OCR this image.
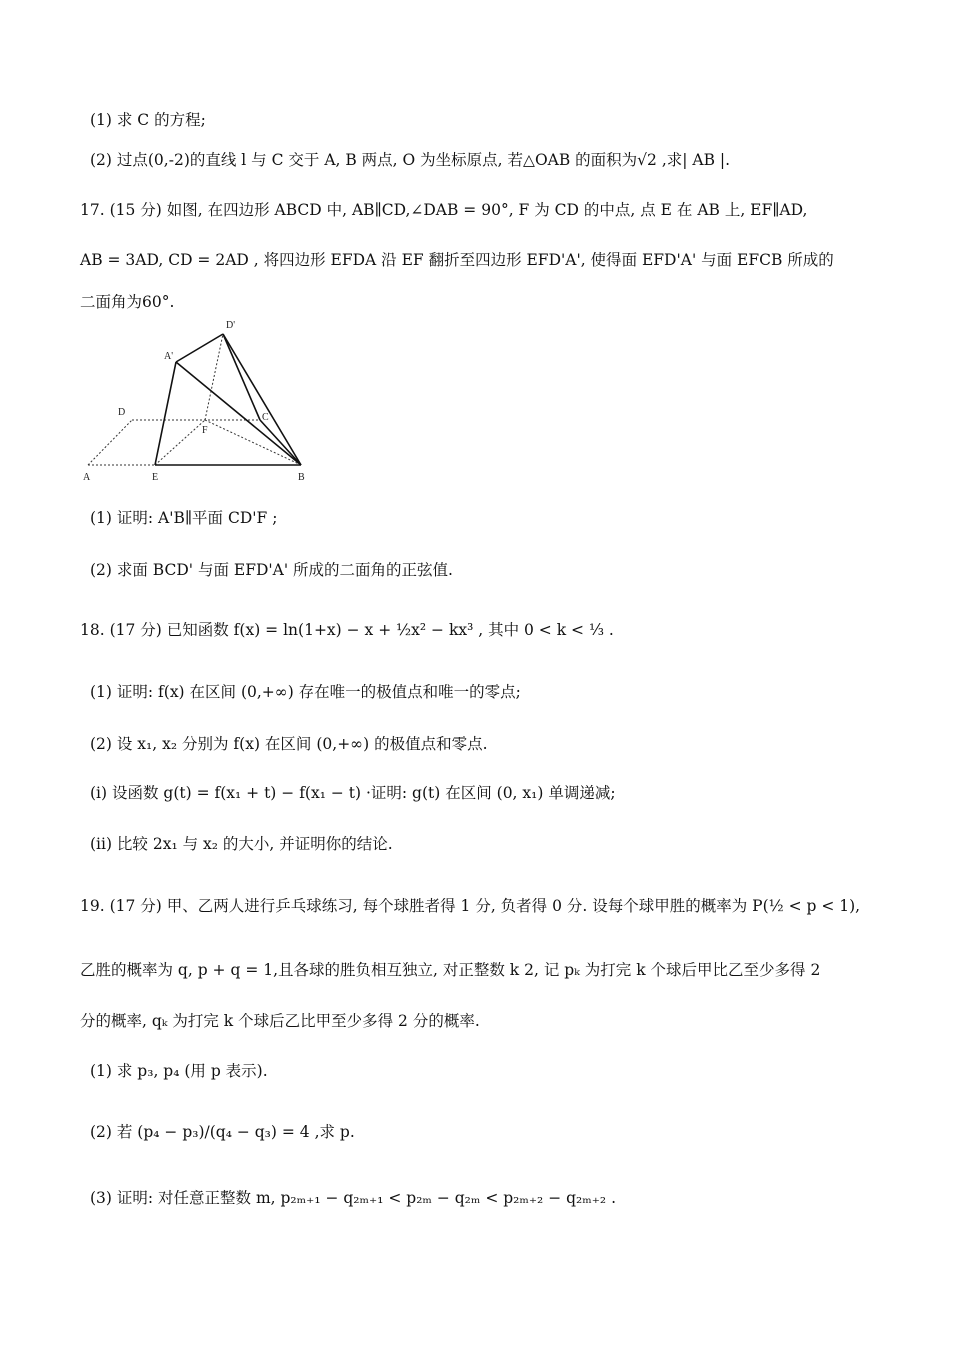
(1) 求 C 的方程;
(2) 过点(0,-2)的直线 l 与 C 交于 A, B 两点, O 为坐标原点, 若△OAB 的面积为√2 ,求| AB |.
17. (15 分) 如图, 在四边形 ABCD 中, AB∥CD,∠DAB = 90°, F 为 CD 的中点, 点 E 在 AB 上, EF∥AD,
AB = 3AD, CD = 2AD , 将四边形 EFDA 沿 EF 翻折至四边形 EFD'A', 使得面 EFD'A' 与面 EFCB 所成的
二面角为60°.
A	E	B
D
F
C
A'
D'
(1) 证明: A'B∥平面 CD'F ;
(2) 求面 BCD' 与面 EFD'A' 所成的二面角的正弦值.
18. (17 分) 已知函数 f(x) = ln(1+x) − x + ½x² − kx³ , 其中 0 < k < ⅓ .
(1) 证明: f(x) 在区间 (0,+∞) 存在唯一的极值点和唯一的零点;
(2) 设 x₁, x₂ 分别为 f(x) 在区间 (0,+∞) 的极值点和零点.
(i) 设函数 g(t) = f(x₁ + t) − f(x₁ − t) ·证明: g(t) 在区间 (0, x₁) 单调递减;
(ii) 比较 2x₁ 与 x₂ 的大小, 并证明你的结论.
19. (17 分) 甲、乙两人进行乒乓球练习, 每个球胜者得 1 分, 负者得 0 分. 设每个球甲胜的概率为 P(½ < p < 1),
乙胜的概率为 q, p + q = 1,且各球的胜负相互独立, 对正整数 k 2, 记 pₖ 为打完 k 个球后甲比乙至少多得 2
分的概率, qₖ 为打完 k 个球后乙比甲至少多得 2 分的概率.
(1) 求 p₃, p₄ (用 p 表示).
(2) 若 (p₄ − p₃)/(q₄ − q₃) = 4 ,求 p.
(3) 证明: 对任意正整数 m, p₂ₘ₊₁ − q₂ₘ₊₁ < p₂ₘ − q₂ₘ < p₂ₘ₊₂ − q₂ₘ₊₂ .
